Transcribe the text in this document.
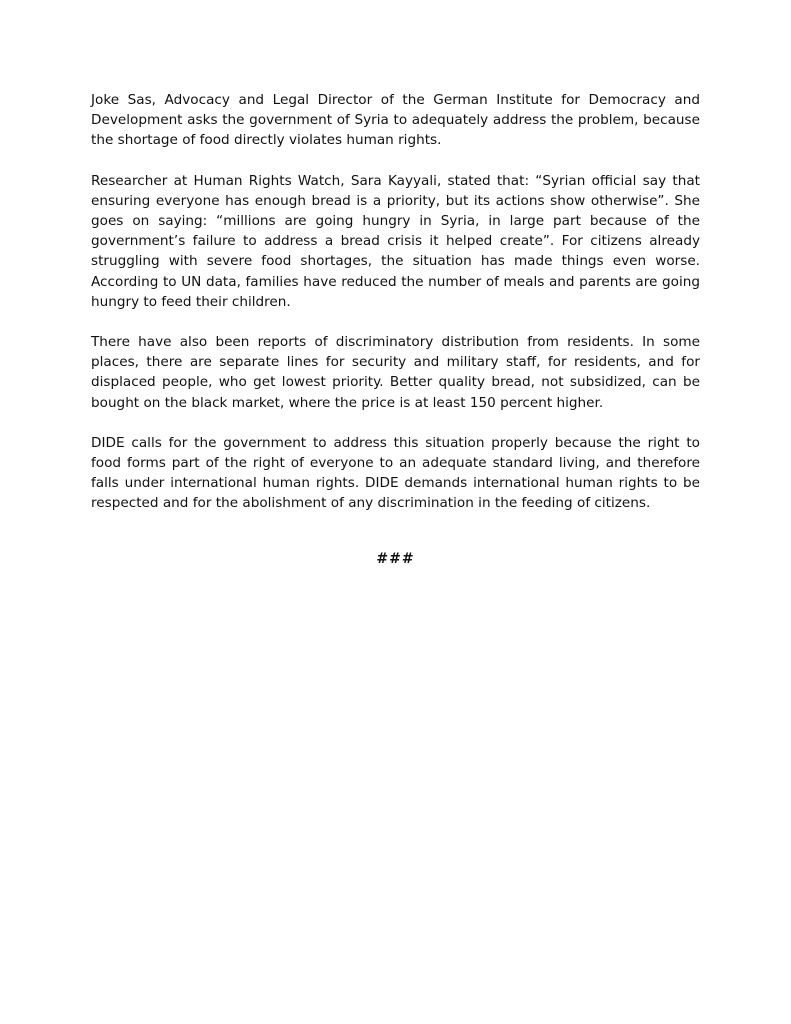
Joke Sas, Advocacy and Legal Director of the German Institute for Democracy and Development asks the government of Syria to adequately address the problem, because the shortage of food directly violates human rights.

Researcher at Human Rights Watch, Sara Kayyali, stated that: “Syrian official say that ensuring everyone has enough bread is a priority, but its actions show otherwise”. She goes on saying: “millions are going hungry in Syria, in large part because of the government’s failure to address a bread crisis it helped create”. For citizens already struggling with severe food shortages, the situation has made things even worse. According to UN data, families have reduced the number of meals and parents are going hungry to feed their children.

There have also been reports of discriminatory distribution from residents. In some places, there are separate lines for security and military staff, for residents, and for displaced people, who get lowest priority. Better quality bread, not subsidized, can be bought on the black market, where the price is at least 150 percent higher.

DIDE calls for the government to address this situation properly because the right to food forms part of the right of everyone to an adequate standard living, and therefore falls under international human rights. DIDE demands international human rights to be respected and for the abolishment of any discrimination in the feeding of citizens.

###
